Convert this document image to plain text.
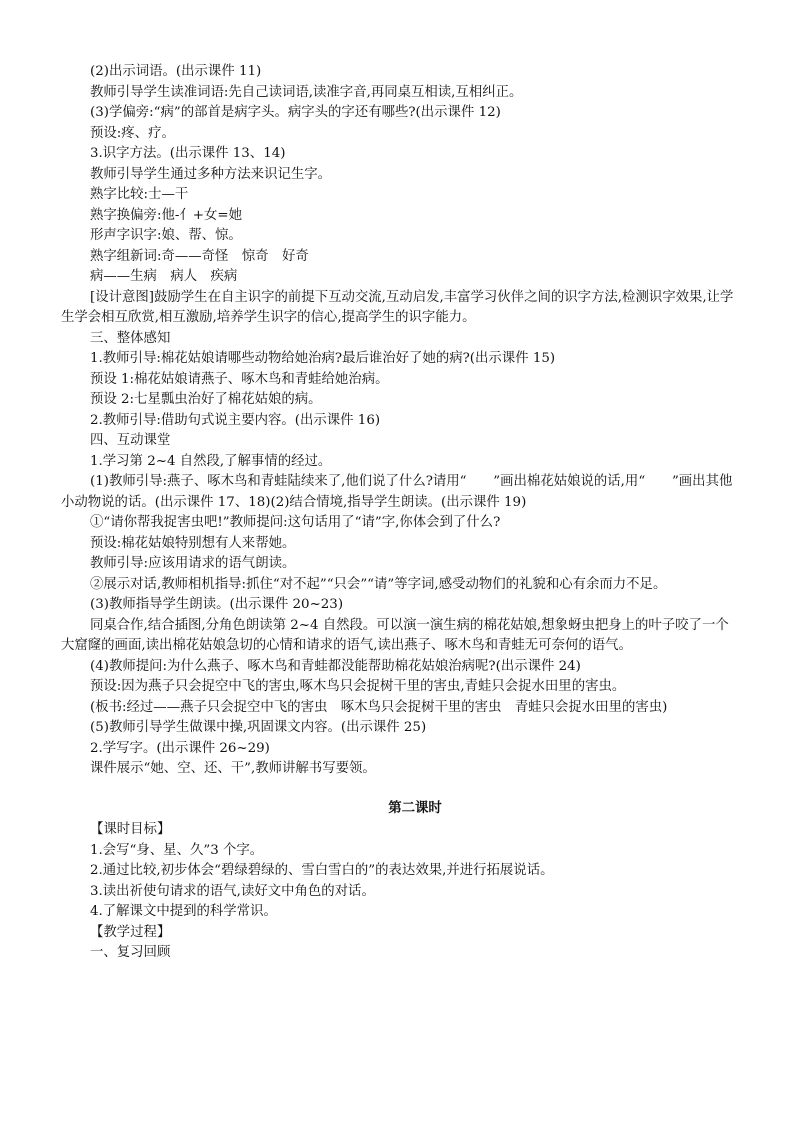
(2)出示词语。(出示课件 11)

教师引导学生读准词语:先自己读词语,读准字音,再同桌互相读,互相纠正。

(3)学偏旁:“病”的部首是病字头。病字头的字还有哪些?(出示课件 12)

预设:疼、疗。

3.识字方法。(出示课件 13、14)

教师引导学生通过多种方法来识记生字。

熟字比较:士—干

熟字换偏旁:他-亻+女=她

形声字识字:娘、帮、惊。

熟字组新词:奇——奇怪　惊奇　好奇

病——生病　病人　疾病

[设计意图]鼓励学生在自主识字的前提下互动交流,互动启发,丰富学习伙伴之间的识字方法,检测识字效果,让学生学会相互欣赏,相互激励,培养学生识字的信心,提高学生的识字能力。

三、整体感知

1.教师引导:棉花姑娘请哪些动物给她治病?最后谁治好了她的病?(出示课件 15)

预设 1:棉花姑娘请燕子、啄木鸟和青蛙给她治病。

预设 2:七星瓢虫治好了棉花姑娘的病。

2.教师引导:借助句式说主要内容。(出示课件 16)

四、互动课堂

1.学习第 2~4 自然段,了解事情的经过。

(1)教师引导:燕子、啄木鸟和青蛙陆续来了,他们说了什么?请用“　　”画出棉花姑娘说的话,用“　　”画出其他小动物说的话。(出示课件 17、18)(2)结合情境,指导学生朗读。(出示课件 19)

①“请你帮我捉害虫吧!”教师提问:这句话用了“请”字,你体会到了什么?

预设:棉花姑娘特别想有人来帮她。

教师引导:应该用请求的语气朗读。

②展示对话,教师相机指导:抓住“对不起”“只会”“请”等字词,感受动物们的礼貌和心有余而力不足。

(3)教师指导学生朗读。(出示课件 20~23)

同桌合作,结合插图,分角色朗读第 2~4 自然段。可以演一演生病的棉花姑娘,想象蚜虫把身上的叶子咬了一个大窟窿的画面,读出棉花姑娘急切的心情和请求的语气,读出燕子、啄木鸟和青蛙无可奈何的语气。

(4)教师提问:为什么燕子、啄木鸟和青蛙都没能帮助棉花姑娘治病呢?(出示课件 24)

预设:因为燕子只会捉空中飞的害虫,啄木鸟只会捉树干里的害虫,青蛙只会捉水田里的害虫。

(板书:经过——燕子只会捉空中飞的害虫　啄木鸟只会捉树干里的害虫　青蛙只会捉水田里的害虫)

(5)教师引导学生做课中操,巩固课文内容。(出示课件 25)

2.学写字。(出示课件 26~29)

课件展示“她、空、还、干”,教师讲解书写要领。

第二课时

【课时目标】

1.会写“身、星、久”3 个字。

2.通过比较,初步体会“碧绿碧绿的、雪白雪白的”的表达效果,并进行拓展说话。

3.读出祈使句请求的语气,读好文中角色的对话。

4.了解课文中提到的科学常识。

【教学过程】

一、复习回顾
